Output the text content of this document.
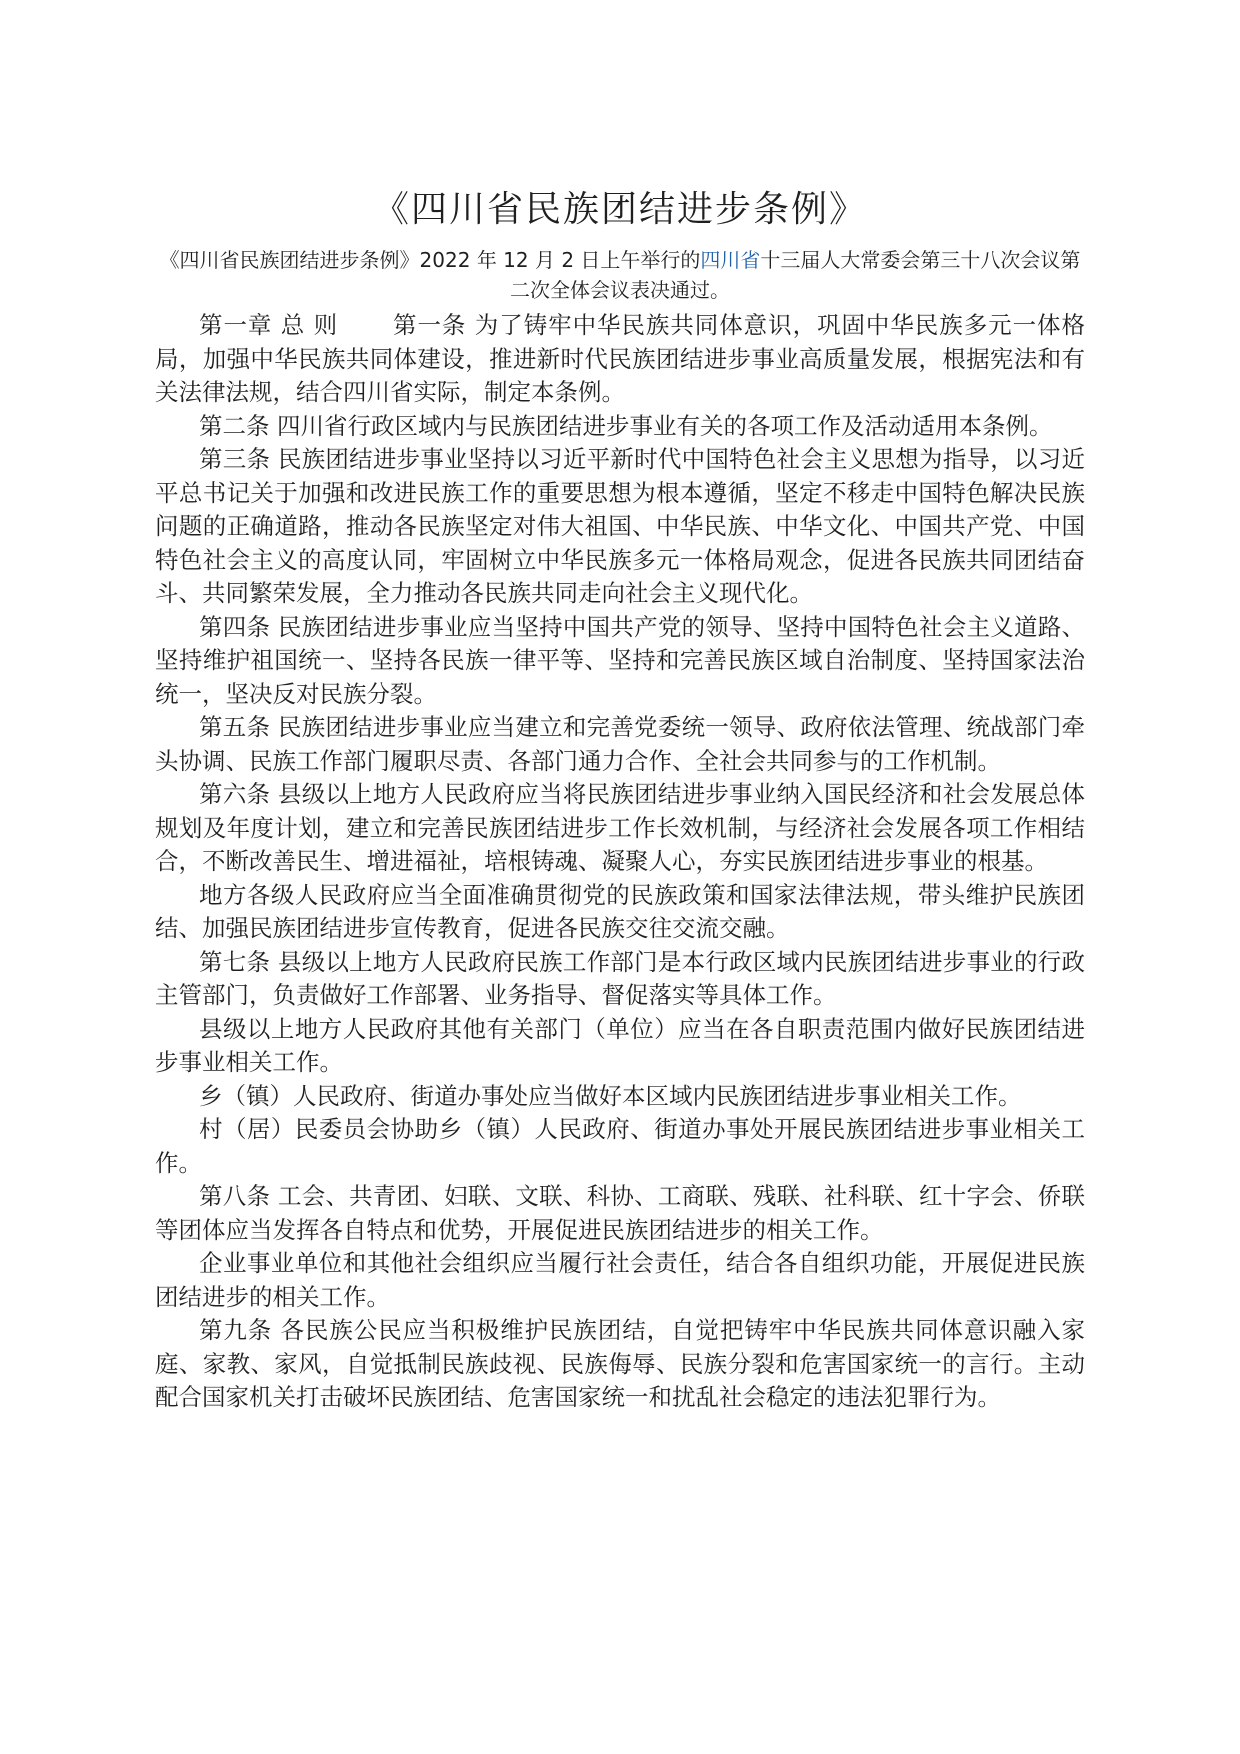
《四川省民族团结进步条例》

《四川省民族团结进步条例》2022 年 12 月 2 日上午举行的四川省十三届人大常委会第三十八次会议第二次全体会议表决通过。

第一章 总 则 第一条 为了铸牢中华民族共同体意识，巩固中华民族多元一体格局，加强中华民族共同体建设，推进新时代民族团结进步事业高质量发展，根据宪法和有关法律法规，结合四川省实际，制定本条例。

第二条 四川省行政区域内与民族团结进步事业有关的各项工作及活动适用本条例。

第三条 民族团结进步事业坚持以习近平新时代中国特色社会主义思想为指导，以习近平总书记关于加强和改进民族工作的重要思想为根本遵循，坚定不移走中国特色解决民族问题的正确道路，推动各民族坚定对伟大祖国、中华民族、中华文化、中国共产党、中国特色社会主义的高度认同，牢固树立中华民族多元一体格局观念，促进各民族共同团结奋斗、共同繁荣发展，全力推动各民族共同走向社会主义现代化。

第四条 民族团结进步事业应当坚持中国共产党的领导、坚持中国特色社会主义道路、坚持维护祖国统一、坚持各民族一律平等、坚持和完善民族区域自治制度、坚持国家法治统一，坚决反对民族分裂。

第五条 民族团结进步事业应当建立和完善党委统一领导、政府依法管理、统战部门牵头协调、民族工作部门履职尽责、各部门通力合作、全社会共同参与的工作机制。

第六条 县级以上地方人民政府应当将民族团结进步事业纳入国民经济和社会发展总体规划及年度计划，建立和完善民族团结进步工作长效机制，与经济社会发展各项工作相结合，不断改善民生、增进福祉，培根铸魂、凝聚人心，夯实民族团结进步事业的根基。

地方各级人民政府应当全面准确贯彻党的民族政策和国家法律法规，带头维护民族团结、加强民族团结进步宣传教育，促进各民族交往交流交融。

第七条 县级以上地方人民政府民族工作部门是本行政区域内民族团结进步事业的行政主管部门，负责做好工作部署、业务指导、督促落实等具体工作。

县级以上地方人民政府其他有关部门（单位）应当在各自职责范围内做好民族团结进步事业相关工作。

乡（镇）人民政府、街道办事处应当做好本区域内民族团结进步事业相关工作。

村（居）民委员会协助乡（镇）人民政府、街道办事处开展民族团结进步事业相关工作。

第八条 工会、共青团、妇联、文联、科协、工商联、残联、社科联、红十字会、侨联等团体应当发挥各自特点和优势，开展促进民族团结进步的相关工作。

企业事业单位和其他社会组织应当履行社会责任，结合各自组织功能，开展促进民族团结进步的相关工作。

第九条 各民族公民应当积极维护民族团结，自觉把铸牢中华民族共同体意识融入家庭、家教、家风，自觉抵制民族歧视、民族侮辱、民族分裂和危害国家统一的言行。主动配合国家机关打击破坏民族团结、危害国家统一和扰乱社会稳定的违法犯罪行为。
